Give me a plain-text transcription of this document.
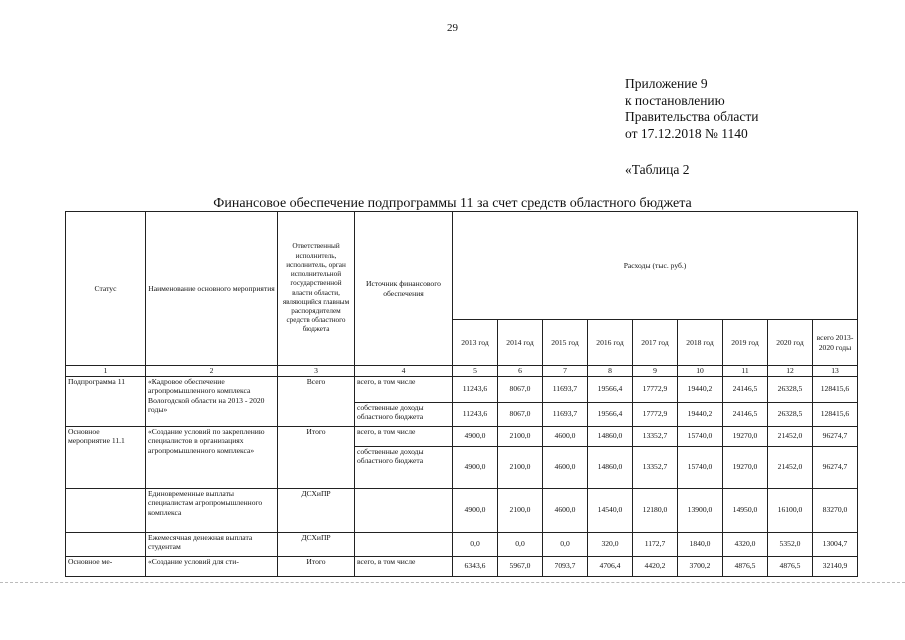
29
Приложение 9
к постановлению
Правительства области
от 17.12.2018 № 1140
«Таблица 2
Финансовое обеспечение подпрограммы 11 за счет средств областного бюджета
Статус	Наименование основного мероприятия	Ответственный исполнитель, исполнитель, орган исполнительной государственной власти области, являющийся главным распорядителем средств областного бюджета	Источник финансового обеспечения	Расходы (тыс. руб.)								
				2013 год	2014 год	2015 год	2016 год	2017 год	2018 год	2019 год	2020 год	всего 2013-2020 годы
1	2	3	4	5	6	7	8	9	10	11	12	13
Подпрограмма 11	«Кадровое обеспечение агропромышленного комплекса Вологодской области на 2013 - 2020 годы»	Всего	всего, в том числе	11243,6	8067,0	11693,7	19566,4	17772,9	19440,2	24146,5	26328,5	128415,6
			собственные доходы областного бюджета	11243,6	8067,0	11693,7	19566,4	17772,9	19440,2	24146,5	26328,5	128415,6
Основное мероприятие 11.1	«Создание условий по закреплению специалистов в организациях агропромышленного комплекса»	Итого	всего, в том числе	4900,0	2100,0	4600,0	14860,0	13352,7	15740,0	19270,0	21452,0	96274,7
			собственные доходы областного бюджета	4900,0	2100,0	4600,0	14860,0	13352,7	15740,0	19270,0	21452,0	96274,7
	Единовременные выплаты специалистам агропромышленного комплекса	ДСХиПР		4900,0	2100,0	4600,0	14540,0	12180,0	13900,0	14950,0	16100,0	83270,0
	Ежемесячная денежная выплата студентам	ДСХиПР		0,0	0,0	0,0	320,0	1172,7	1840,0	4320,0	5352,0	13004,7
Основное ме-	«Создание условий для сти-	Итого	всего, в том числе	6343,6	5967,0	7093,7	4706,4	4420,2	3700,2	4876,5	4876,5	32140,9
